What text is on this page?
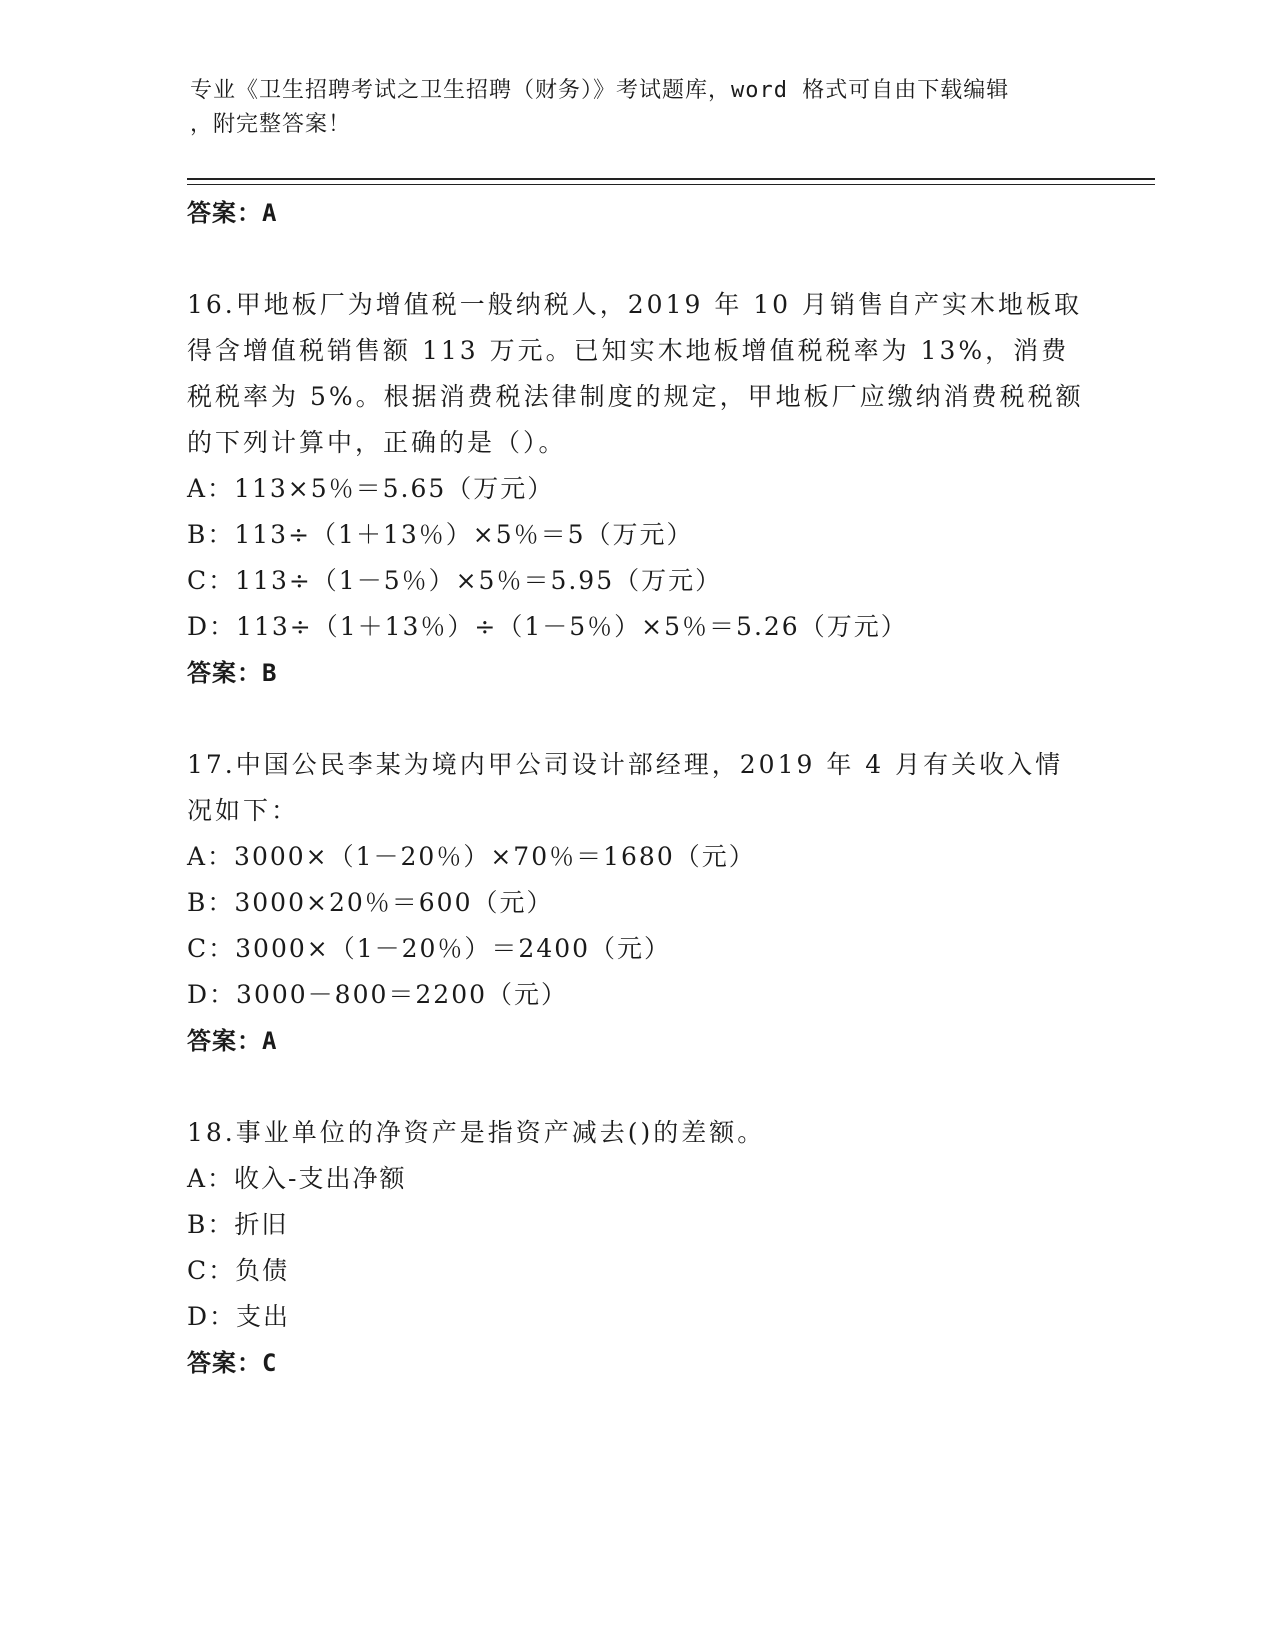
专业《卫生招聘考试之卫生招聘（财务）》考试题库，word 格式可自由下载编辑
，附完整答案！
答案：A
16.甲地板厂为增值税一般纳税人，2019 年 10 月销售自产实木地板取得含增值税销售额 113 万元。已知实木地板增值税税率为 13%，消费税税率为 5%。根据消费税法律制度的规定，甲地板厂应缴纳消费税税额的下列计算中，正确的是（）。
A：113×5％＝5.65（万元）
B：113÷（1＋13％）×5％＝5（万元）
C：113÷（1－5％）×5％＝5.95（万元）
D：113÷（1＋13％）÷（1－5％）×5％＝5.26（万元）
答案：B
17.中国公民李某为境内甲公司设计部经理，2019 年 4 月有关收入情况如下：
A：3000×（1－20％）×70％＝1680（元）
B：3000×20％＝600（元）
C：3000×（1－20％）＝2400（元）
D：3000－800＝2200（元）
答案：A
18.事业单位的净资产是指资产减去()的差额。
A：收入-支出净额
B：折旧
C：负债
D：支出
答案：C
